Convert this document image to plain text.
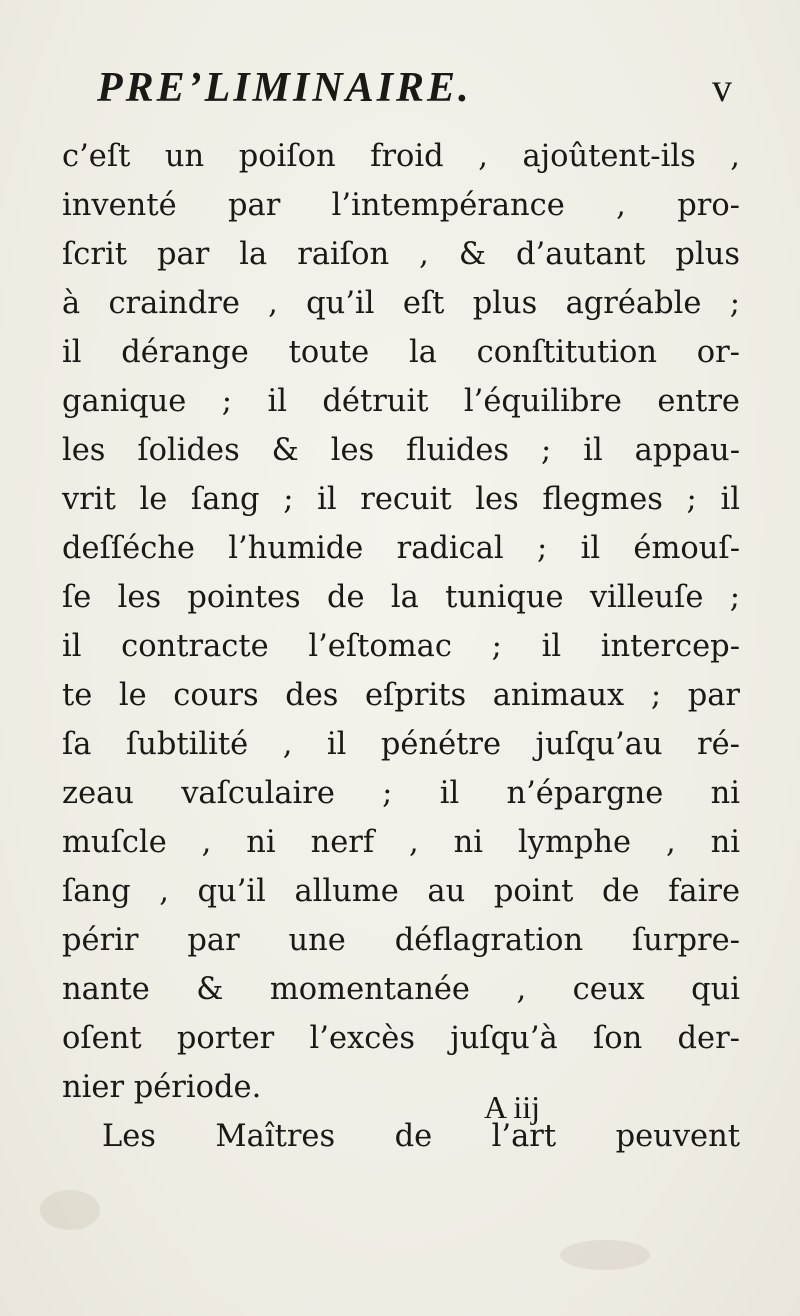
PRE’LIMINAIRE.	v
c’eſt un poiſon froid , ajoûtent-ils ,
inventé par l’intempérance , pro-
ſcrit par la raiſon , & d’autant plus
à craindre , qu’il eſt plus agréable ;
il dérange toute la conſtitution or-
ganique ; il détruit l’équilibre entre
les ſolides & les fluides ; il appau-
vrit le ſang ; il recuit les flegmes ; il
deſſéche l’humide radical ; il émouſ-
ſe les pointes de la tunique villeuſe ;
il contracte l’eſtomac ; il intercep-
te le cours des eſprits animaux ; par
ſa ſubtilité , il pénétre juſqu’au ré-
zeau vaſculaire ; il n’épargne ni
muſcle , ni nerf , ni lymphe , ni
ſang , qu’il allume au point de faire
périr par une déflagration ſurpre-
nante & momentanée , ceux qui
oſent porter l’excès juſqu’à ſon der-
nier période.
Les Maîtres de l’art peuvent
A iij
